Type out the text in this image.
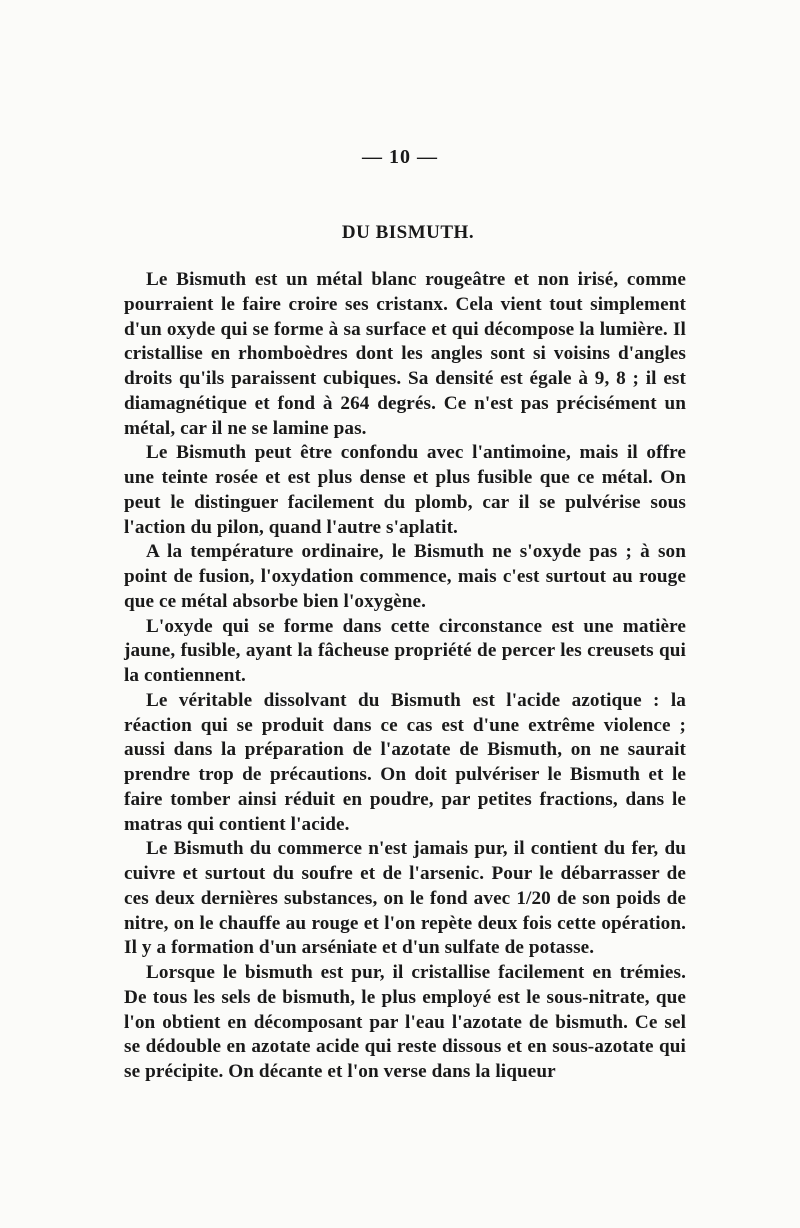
— 10 —
DU BISMUTH.

Le Bismuth est un métal blanc rougeâtre et non irisé, comme pourraient le faire croire ses cristanx. Cela vient tout simplement d'un oxyde qui se forme à sa surface et qui décompose la lumière. Il cristallise en rhomboèdres dont les angles sont si voisins d'angles droits qu'ils paraissent cubiques. Sa densité est égale à 9, 8 ; il est diamagnétique et fond à 264 degrés. Ce n'est pas précisément un métal, car il ne se lamine pas.

Le Bismuth peut être confondu avec l'antimoine, mais il offre une teinte rosée et est plus dense et plus fusible que ce métal. On peut le distinguer facilement du plomb, car il se pulvérise sous l'action du pilon, quand l'autre s'aplatit.

A la température ordinaire, le Bismuth ne s'oxyde pas ; à son point de fusion, l'oxydation commence, mais c'est surtout au rouge que ce métal absorbe bien l'oxygène.

L'oxyde qui se forme dans cette circonstance est une matière jaune, fusible, ayant la fâcheuse propriété de percer les creusets qui la contiennent.

Le véritable dissolvant du Bismuth est l'acide azotique : la réaction qui se produit dans ce cas est d'une extrême violence ; aussi dans la préparation de l'azotate de Bismuth, on ne saurait prendre trop de précautions. On doit pulvériser le Bismuth et le faire tomber ainsi réduit en poudre, par petites fractions, dans le matras qui contient l'acide.

Le Bismuth du commerce n'est jamais pur, il contient du fer, du cuivre et surtout du soufre et de l'arsenic. Pour le débarrasser de ces deux dernières substances, on le fond avec 1/20 de son poids de nitre, on le chauffe au rouge et l'on repète deux fois cette opération. Il y a formation d'un arséniate et d'un sulfate de potasse.

Lorsque le bismuth est pur, il cristallise facilement en trémies. De tous les sels de bismuth, le plus employé est le sous-nitrate, que l'on obtient en décomposant par l'eau l'azotate de bismuth. Ce sel se dédouble en azotate acide qui reste dissous et en sous-azotate qui se précipite. On décante et l'on verse dans la liqueur
